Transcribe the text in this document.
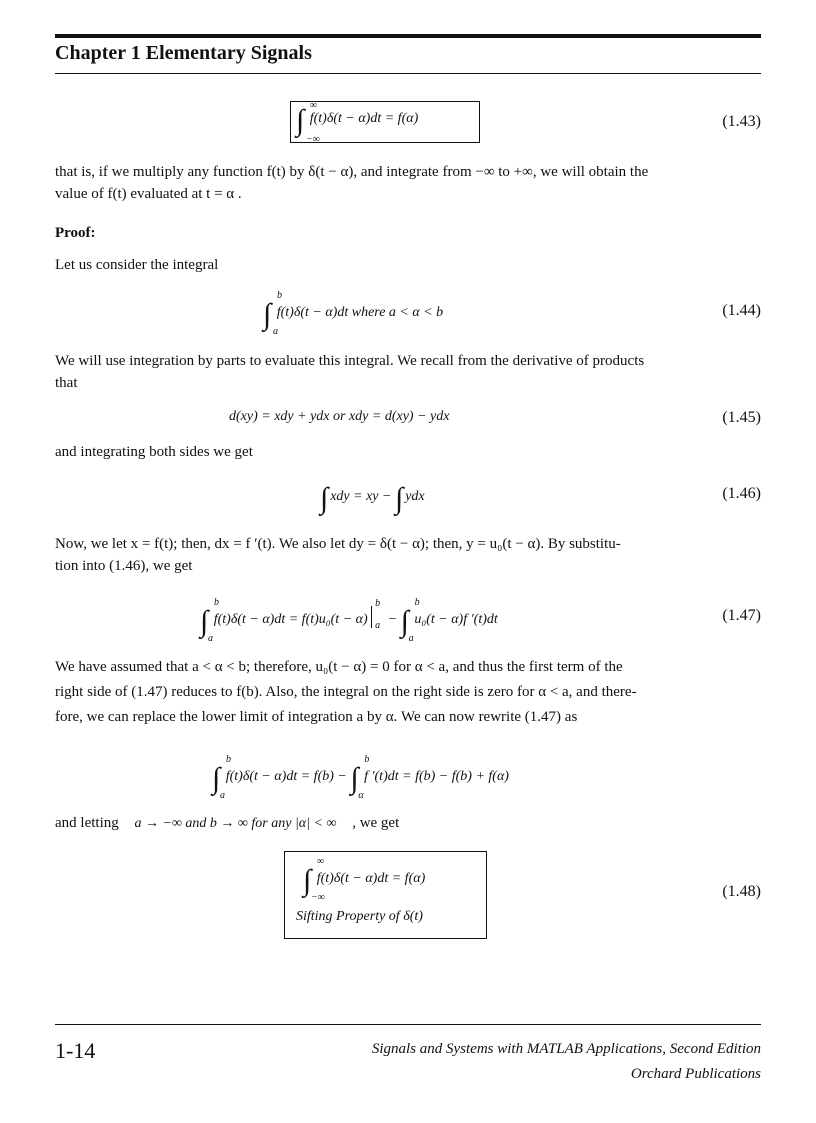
Chapter 1 Elementary Signals
∫ ∞
−∞
f(t)δ(t − α)dt = f(α)	(1.43)
that is, if we multiply any function f(t) by δ(t − α), and integrate from −∞ to +∞, we will obtain the
value of f(t) evaluated at t = α .
Proof:
Let us consider the integral
∫
b
a
f(t)δ(t − α)dt where a < α < b	(1.44)
We will use integration by parts to evaluate this integral. We recall from the derivative of products
that
d(xy) = xdy + ydx or xdy = d(xy) − ydx	(1.45)
and integrating both sides we get
∫ xdy = xy − ∫ ydx	(1.46)
Now, we let x = f(t); then, dx = f ′(t). We also let dy = δ(t − α); then, y = u₀(t − α). By substitu-
tion into (1.46), we get
∫
b
a
f(t)δ(t − α)dt = f(t)u₀(t − α)
b
a − ∫
b
a
u₀(t − α)f ′(t)dt	(1.47)
We have assumed that a < α < b; therefore, u₀(t − α) = 0 for α < a, and thus the first term of the
right side of (1.47) reduces to f(b). Also, the integral on the right side is zero for α < a, and there-
fore, we can replace the lower limit of integration a by α. We can now rewrite (1.47) as
∫
b
a
f(t)δ(t − α)dt = f(b) − ∫
b
α
f ′(t)dt = f(b) − f(b) + f(α)
and letting a → −∞ and b → ∞ for any |α| < ∞ , we get
∫
∞
−∞
f(t)δ(t − α)dt = f(α)
Sifting Property of δ(t)
(1.48)
1-14	Signals and Systems with MATLAB Applications, Second Edition
Orchard Publications
